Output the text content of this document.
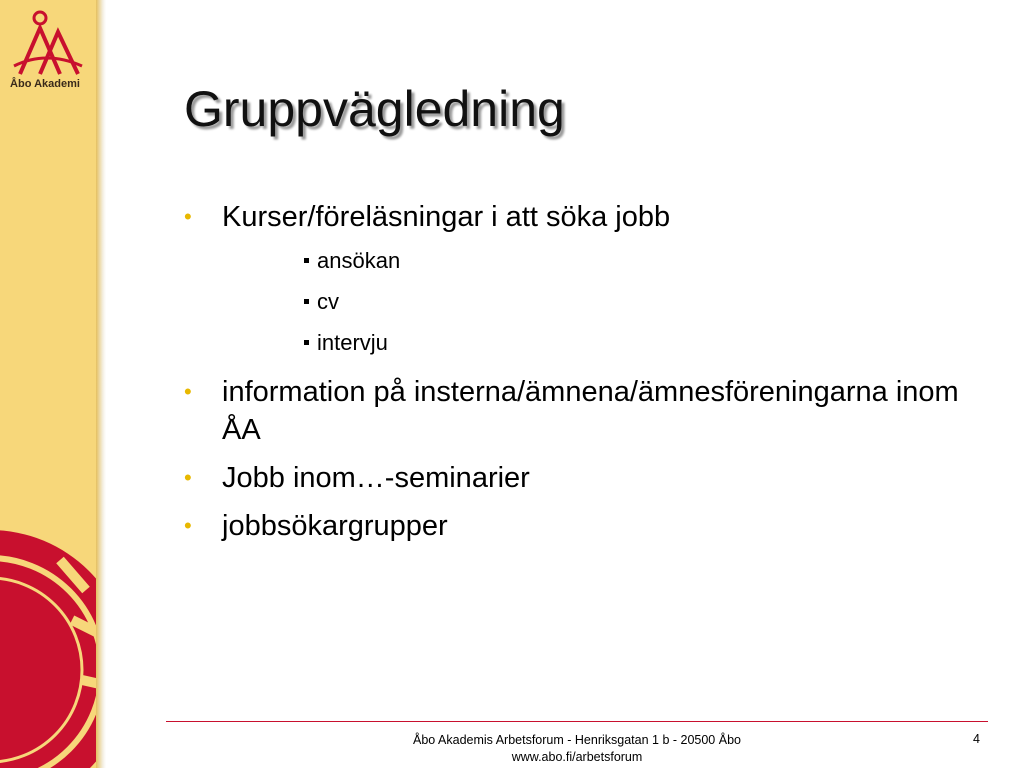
Åbo Akademi Gruppvägledning
• Kurser/föreläsningar i att söka jobb
ansökan
cv
intervju
• information på insterna/ämnena/ämnesföreningarna inom ÅA
• Jobb inom…-seminarier
• jobbsökargrupper
Åbo Akademis Arbetsforum - Henriksgatan 1 b - 20500 Åbo
www.abo.fi/arbetsforum
4
